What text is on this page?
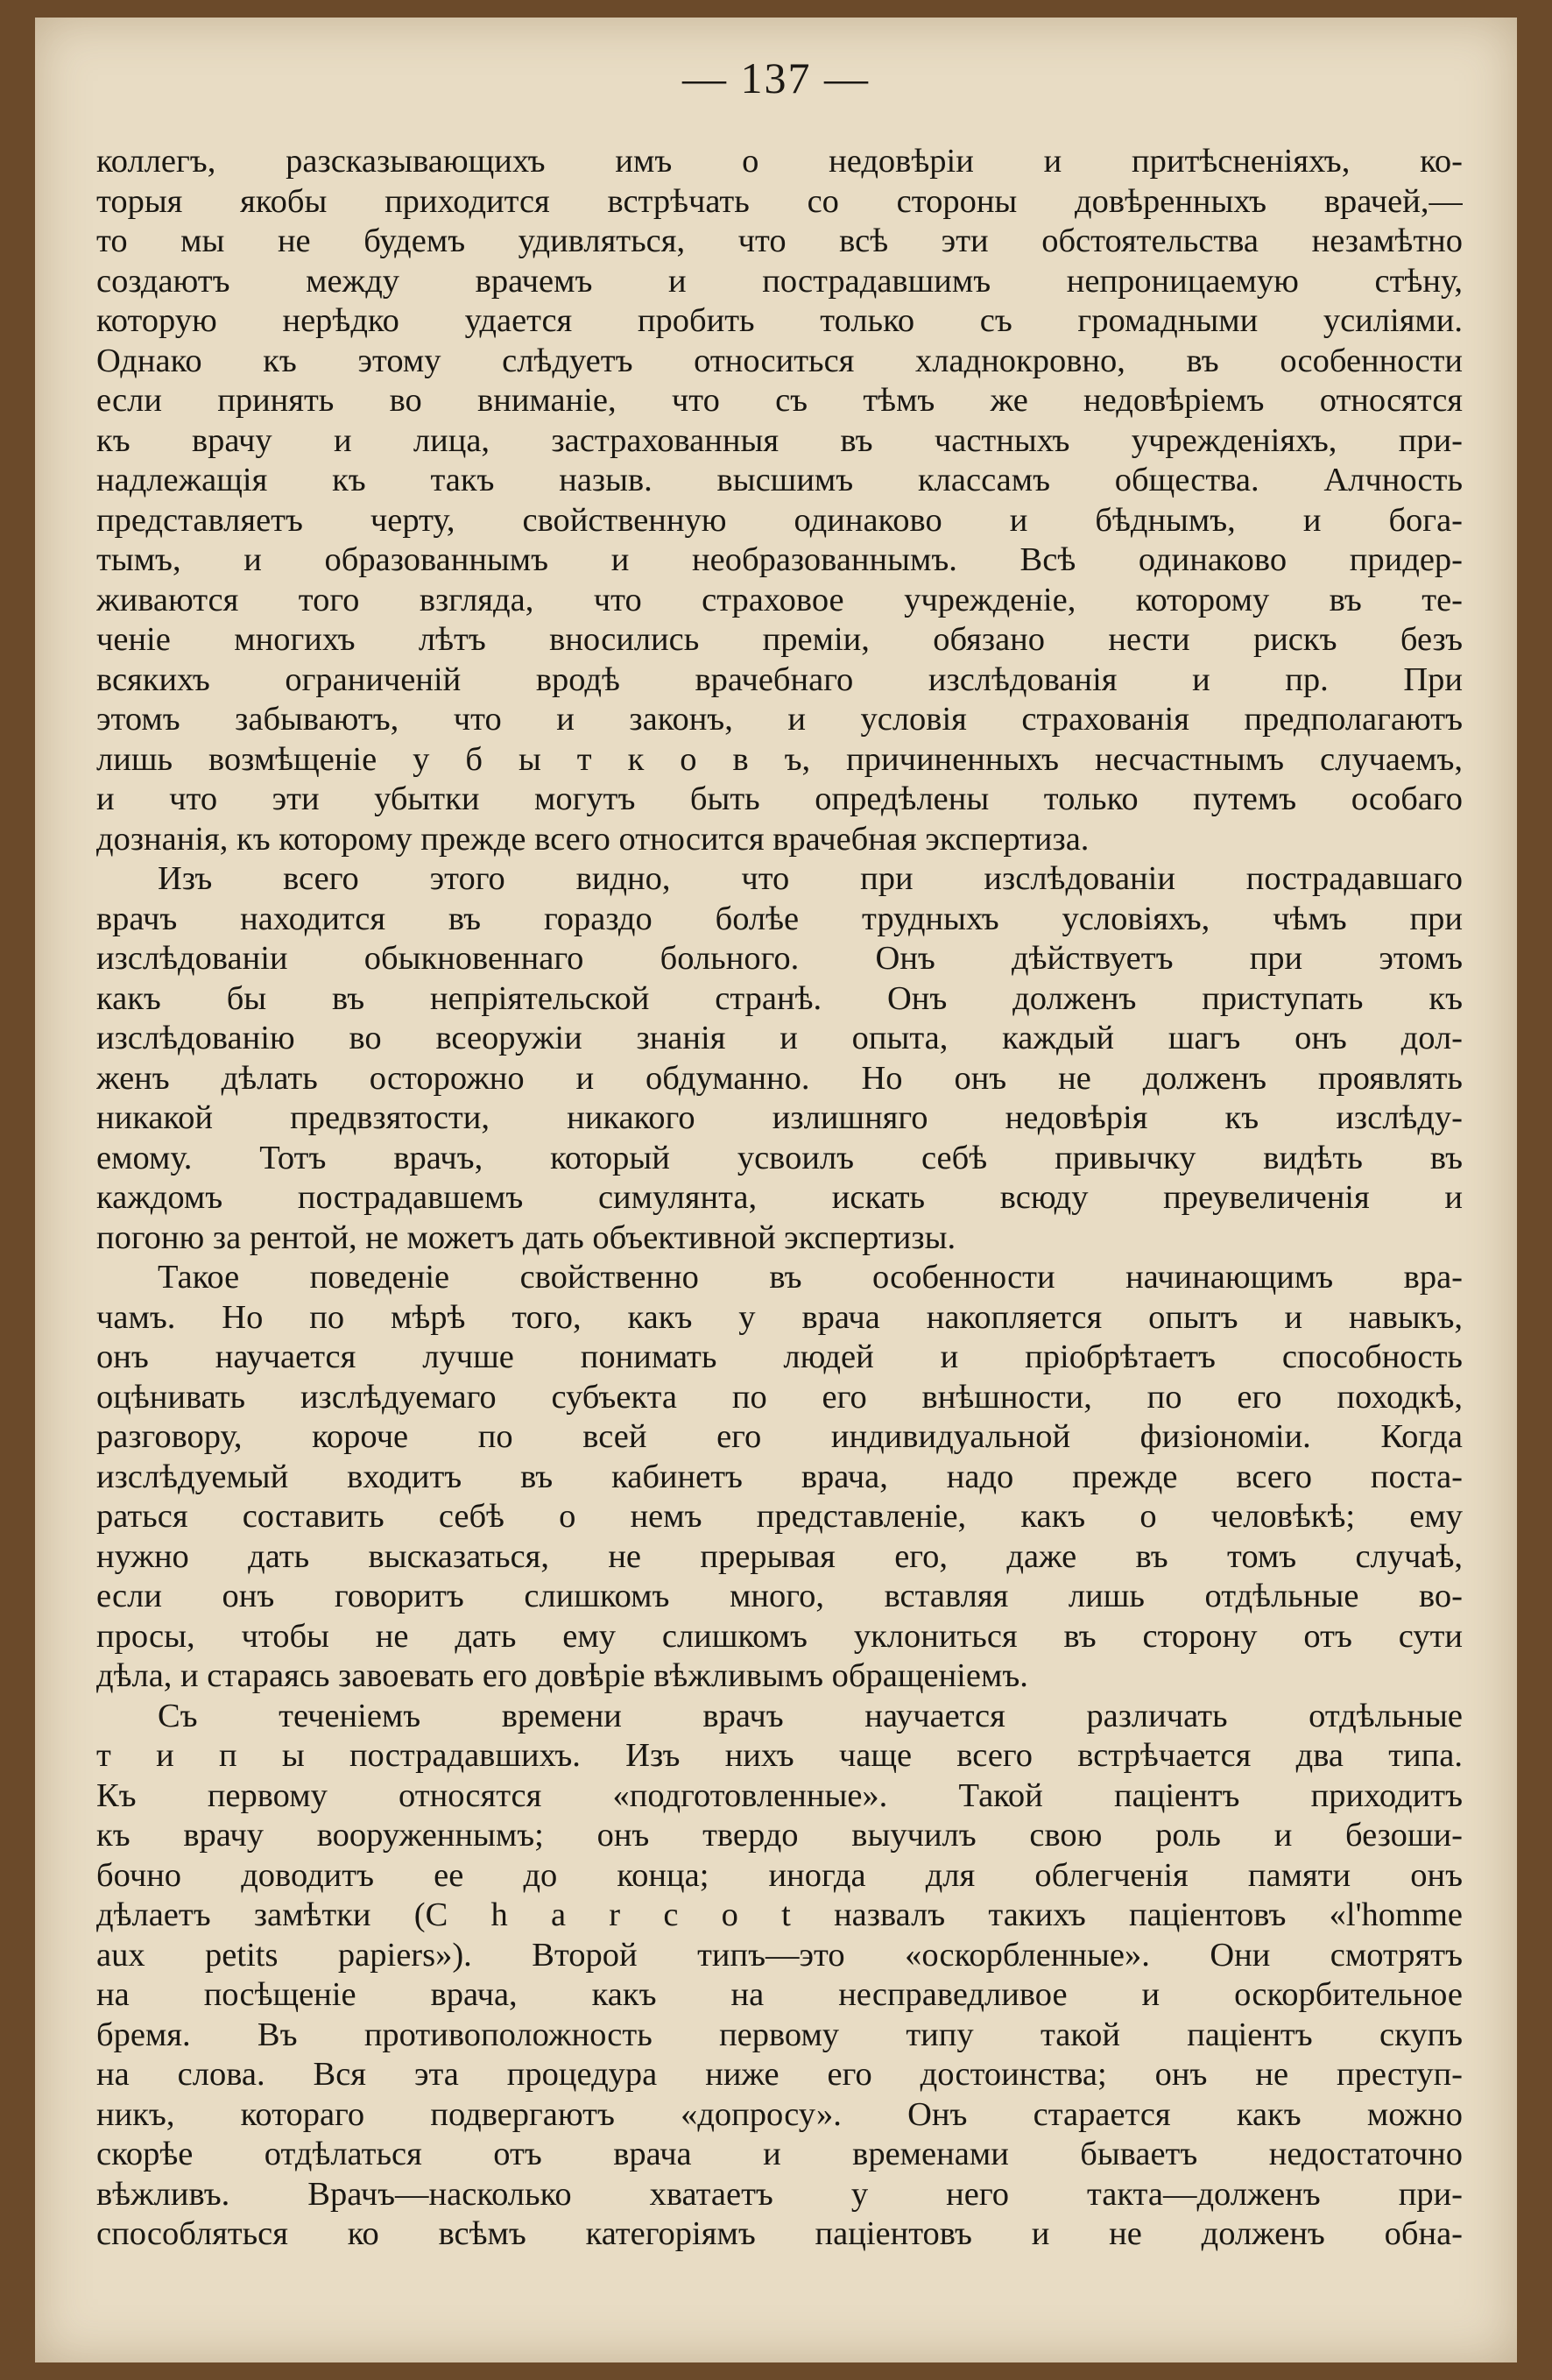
— 137 —
коллегъ, разсказывающихъ имъ о недовѣріи и притѣсненіяхъ, ко-
торыя якобы приходится встрѣчать со стороны довѣренныхъ врачей,—
то мы не будемъ удивляться, что всѣ эти обстоятельства незамѣтно
создаютъ между врачемъ и пострадавшимъ непроницаемую стѣну,
которую нерѣдко удается пробить только съ громадными усиліями.
Однако къ этому слѣдуетъ относиться хладнокровно, въ особенности
если принять во вниманіе, что съ тѣмъ же недовѣріемъ относятся
къ врачу и лица, застрахованныя въ частныхъ учрежденіяхъ, при-
надлежащія къ такъ назыв. высшимъ классамъ общества. Алчность
представляетъ черту, свойственную одинаково и бѣднымъ, и бога-
тымъ, и образованнымъ и необразованнымъ. Всѣ одинаково придер-
живаются того взгляда, что страховое учрежденіе, которому въ те-
ченіе многихъ лѣтъ вносились преміи, обязано нести рискъ безъ
всякихъ ограниченій вродѣ врачебнаго изслѣдованія и пр. При
этомъ забываютъ, что и законъ, и условія страхованія предполагаютъ
лишь возмѣщеніе у б ы т к о в ъ, причиненныхъ несчастнымъ случаемъ,
и что эти убытки могутъ быть опредѣлены только путемъ особаго
дознанія, къ которому прежде всего относится врачебная экспертиза.
Изъ всего этого видно, что при изслѣдованіи пострадавшаго
врачъ находится въ гораздо болѣе трудныхъ условіяхъ, чѣмъ при
изслѣдованіи обыкновеннаго больного. Онъ дѣйствуетъ при этомъ
какъ бы въ непріятельской странѣ. Онъ долженъ приступать къ
изслѣдованію во всеоружіи знанія и опыта, каждый шагъ онъ дол-
женъ дѣлать осторожно и обдуманно. Но онъ не долженъ проявлять
никакой предвзятости, никакого излишняго недовѣрія къ изслѣду-
емому. Тотъ врачъ, который усвоилъ себѣ привычку видѣть въ
каждомъ пострадавшемъ симулянта, искать всюду преувеличенія и
погоню за рентой, не можетъ дать объективной экспертизы.
Такое поведеніе свойственно въ особенности начинающимъ вра-
чамъ. Но по мѣрѣ того, какъ у врача накопляется опытъ и навыкъ,
онъ научается лучше понимать людей и пріобрѣтаетъ способность
оцѣнивать изслѣдуемаго субъекта по его внѣшности, по его походкѣ,
разговору, короче по всей его индивидуальной физіономіи. Когда
изслѣдуемый входитъ въ кабинетъ врача, надо прежде всего поста-
раться составить себѣ о немъ представленіе, какъ о человѣкѣ; ему
нужно дать высказаться, не прерывая его, даже въ томъ случаѣ,
если онъ говоритъ слишкомъ много, вставляя лишь отдѣльные во-
просы, чтобы не дать ему слишкомъ уклониться въ сторону отъ сути
дѣла, и стараясь завоевать его довѣріе вѣжливымъ обращеніемъ.
Съ теченіемъ времени врачъ научается различать отдѣльные
т и п ы пострадавшихъ. Изъ нихъ чаще всего встрѣчается два типа.
Къ первому относятся «подготовленные». Такой паціентъ приходитъ
къ врачу вооруженнымъ; онъ твердо выучилъ свою роль и безоши-
бочно доводитъ ее до конца; иногда для облегченія памяти онъ
дѣлаетъ замѣтки (C h a r c o t назвалъ такихъ паціентовъ «l'homme
aux petits papiers»). Второй типъ—это «оскорбленные». Они смотрятъ
на посѣщеніе врача, какъ на несправедливое и оскорбительное
бремя. Въ противоположность первому типу такой паціентъ скупъ
на слова. Вся эта процедура ниже его достоинства; онъ не преступ-
никъ, котораго подвергаютъ «допросу». Онъ старается какъ можно
скорѣе отдѣлаться отъ врача и временами бываетъ недостаточно
вѣжливъ. Врачъ—насколько хватаетъ у него такта—долженъ при-
способляться ко всѣмъ категоріямъ паціентовъ и не долженъ обна-
